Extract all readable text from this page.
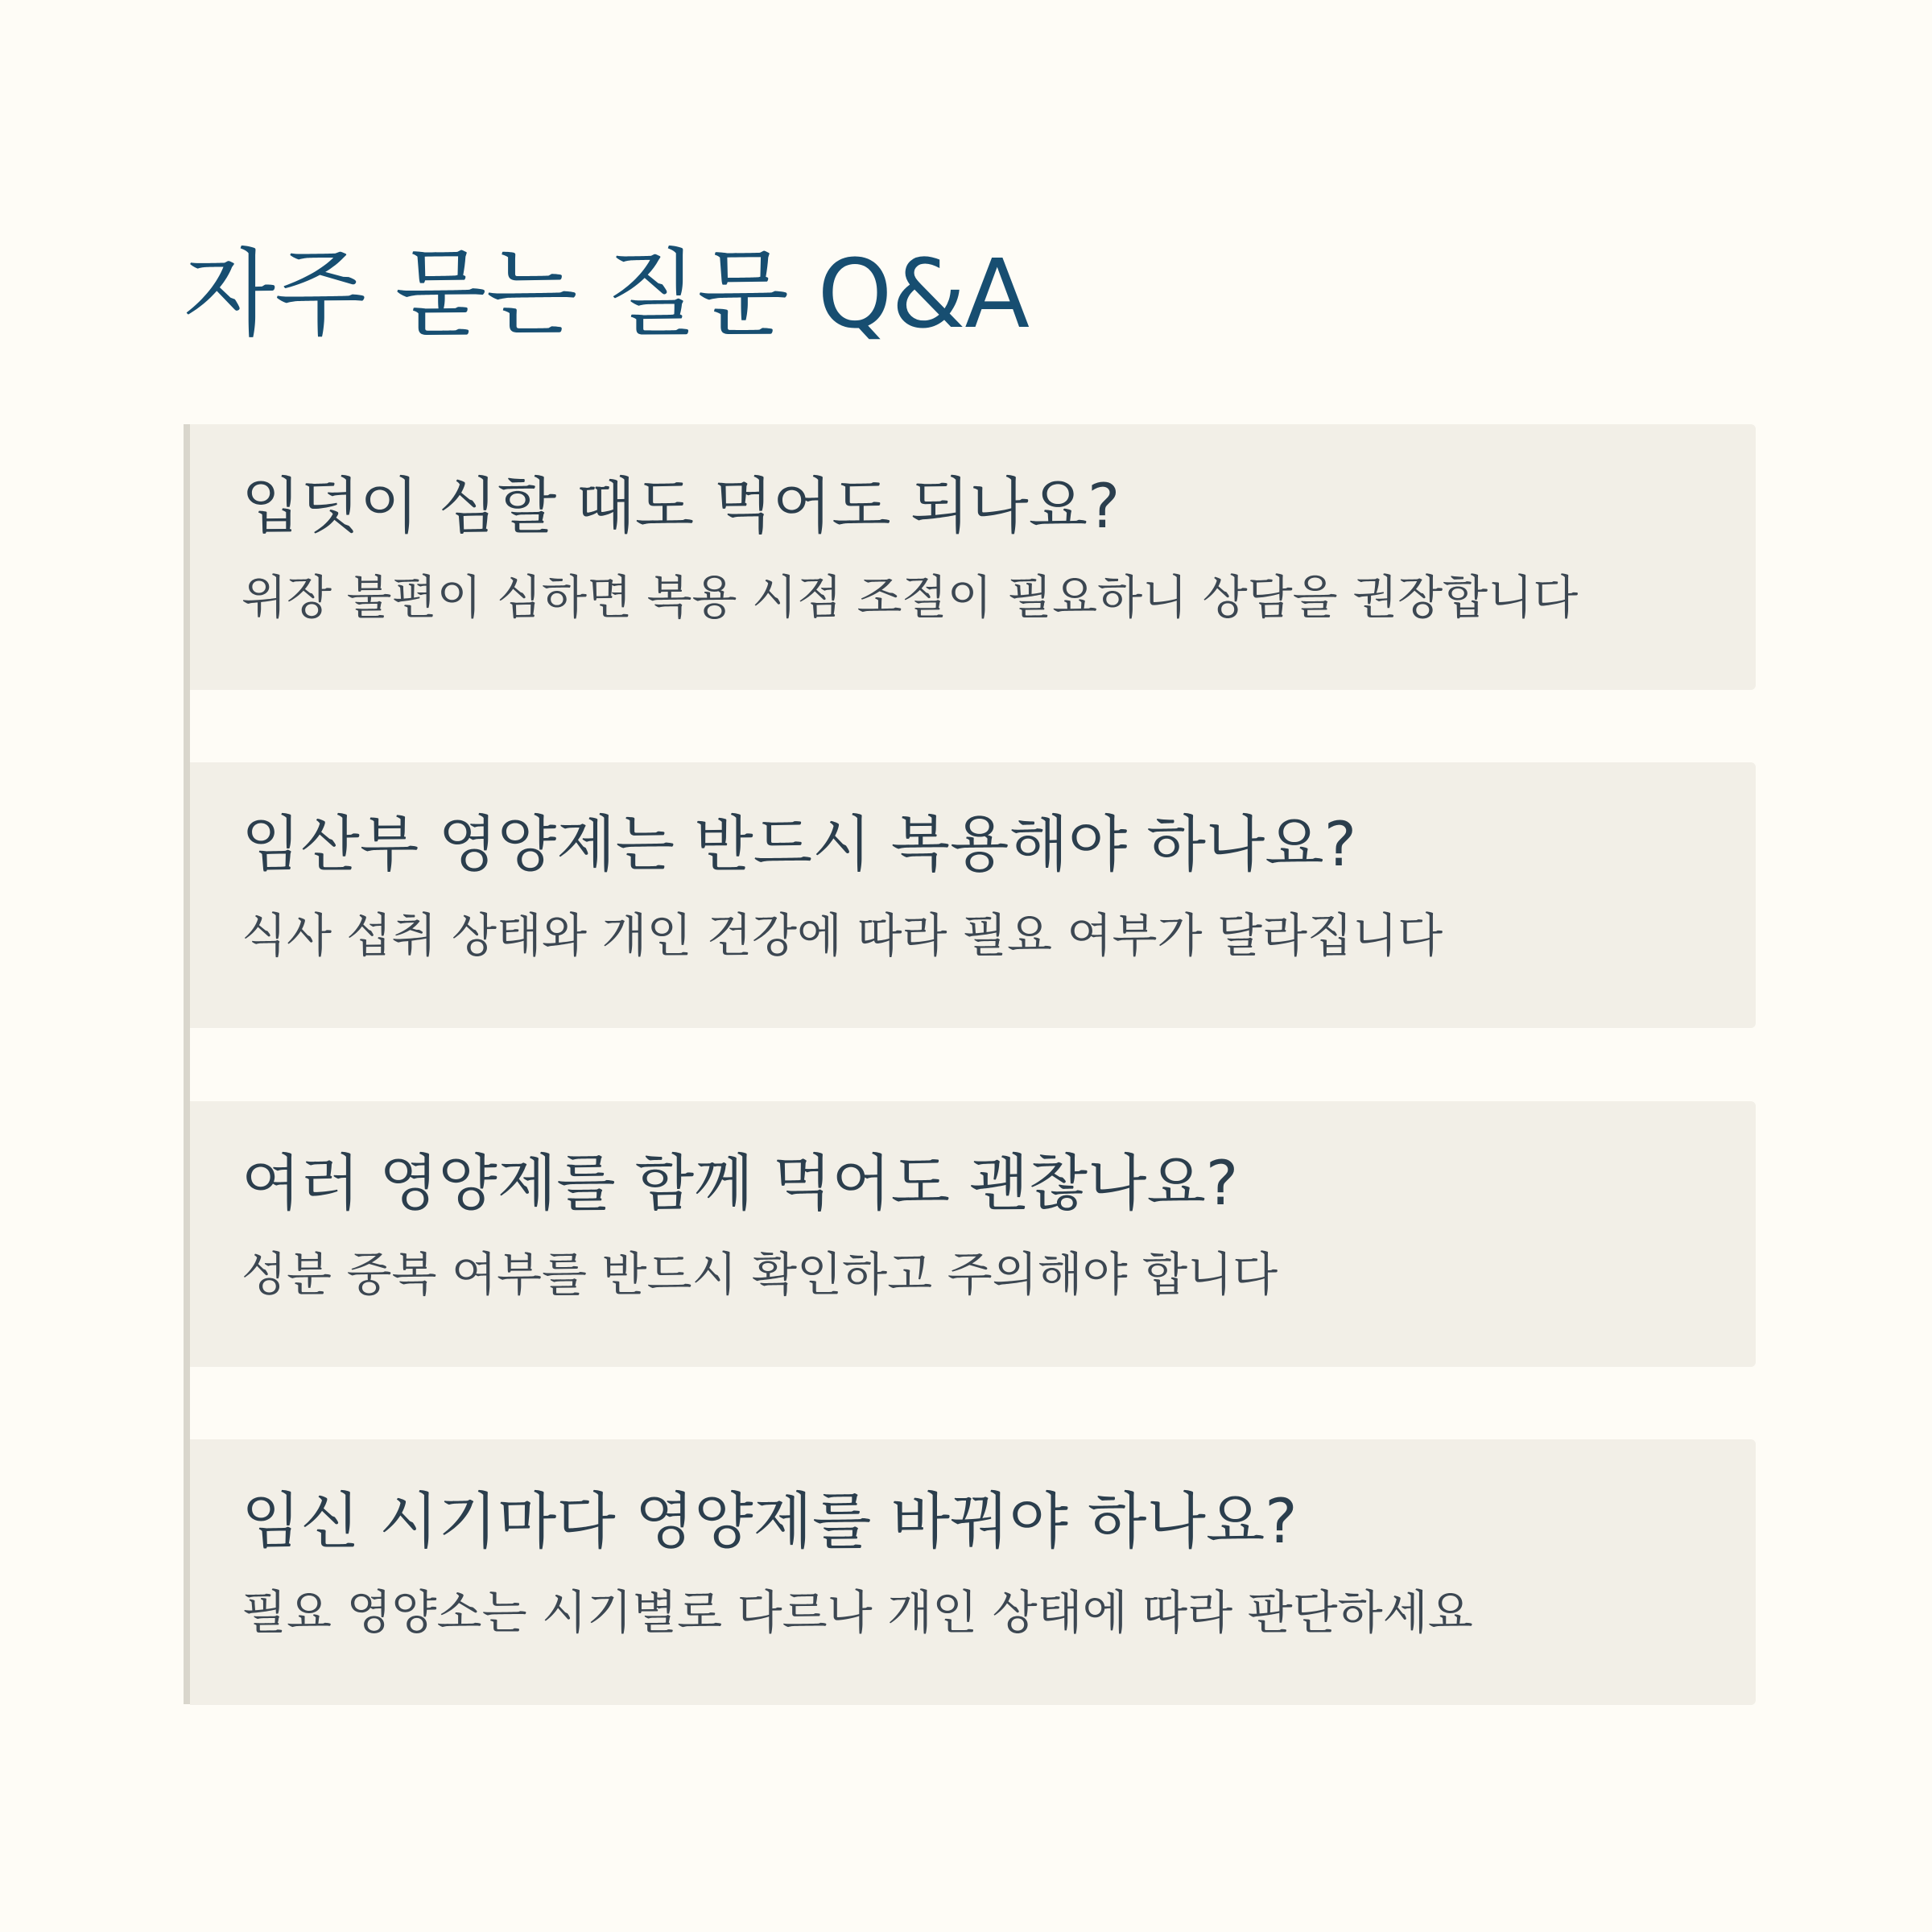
자주 묻는 질문 Q&A
임산부 영양제는 반드시 복용해야 하나요?

식사 섭취 상태와 개인 건강에 따라 필요 여부가 달라집니다

여러 영양제를 함께 먹어도 괜찮나요?

성분 중복 여부를 반드시 확인하고 주의해야 합니다

임신 시기마다 영양제를 바꿔야 하나요?

필요 영양소는 시기별로 다르나 개인 상태에 따라 판단하세요

입덧이 심할 때도 먹어도 되나요?

위장 불편이 심하면 복용 시점 조절이 필요하니 상담을 권장합니다
